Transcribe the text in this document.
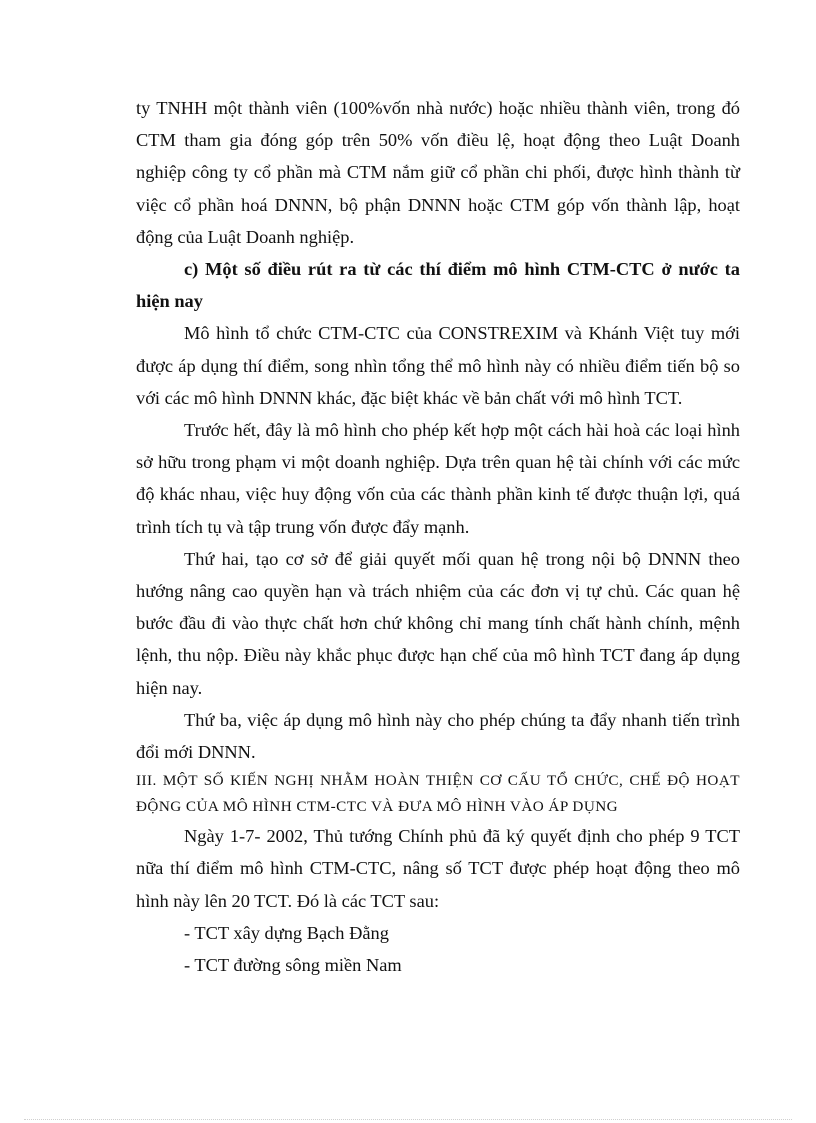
ty TNHH một thành viên (100%vốn nhà nước) hoặc nhiều thành viên, trong đó CTM tham gia đóng góp trên 50% vốn điều lệ, hoạt động theo Luật Doanh nghiệp công ty cổ phần mà CTM nắm giữ cổ phần chi phối, được hình thành từ việc cổ phần hoá DNNN, bộ phận DNNN hoặc CTM góp vốn thành lập, hoạt động của Luật Doanh nghiệp.

c) Một số điều rút ra từ các thí điểm mô hình CTM-CTC ở nước ta hiện nay

Mô hình tổ chức CTM-CTC của CONSTREXIM và Khánh Việt tuy mới được áp dụng thí điểm, song nhìn tổng thể mô hình này có nhiều điểm tiến bộ so với các mô hình DNNN khác, đặc biệt khác về bản chất với mô hình TCT.

Trước hết, đây là mô hình cho phép kết hợp một cách hài hoà các loại hình sở hữu trong phạm vi một doanh nghiệp. Dựa trên quan hệ tài chính với các mức độ khác nhau, việc huy động vốn của các thành phần kinh tế được thuận lợi, quá trình tích tụ và tập trung vốn được đẩy mạnh.

Thứ hai, tạo cơ sở để giải quyết mối quan hệ trong nội bộ DNNN theo hướng nâng cao quyền hạn và trách nhiệm của các đơn vị tự chủ. Các quan hệ bước đầu đi vào thực chất hơn chứ không chỉ mang tính chất hành chính, mệnh lệnh, thu nộp. Điều này khắc phục được hạn chế của mô hình TCT đang áp dụng hiện nay.

Thứ ba, việc áp dụng mô hình này cho phép chúng ta đẩy nhanh tiến trình đổi mới DNNN.

III. MỘT SỐ KIẾN NGHỊ NHẰM HOÀN THIỆN CƠ CẤU TỔ CHỨC, CHẾ ĐỘ HOẠT ĐỘNG CỦA MÔ HÌNH CTM-CTC VÀ ĐƯA MÔ HÌNH VÀO ÁP DỤNG

Ngày 1-7- 2002, Thủ tướng Chính phủ đã ký quyết định cho phép 9 TCT nữa thí điểm mô hình CTM-CTC, nâng số TCT được phép hoạt động theo mô hình này lên 20 TCT. Đó là các TCT sau:

- TCT xây dựng Bạch Đằng

- TCT đường sông miền Nam
